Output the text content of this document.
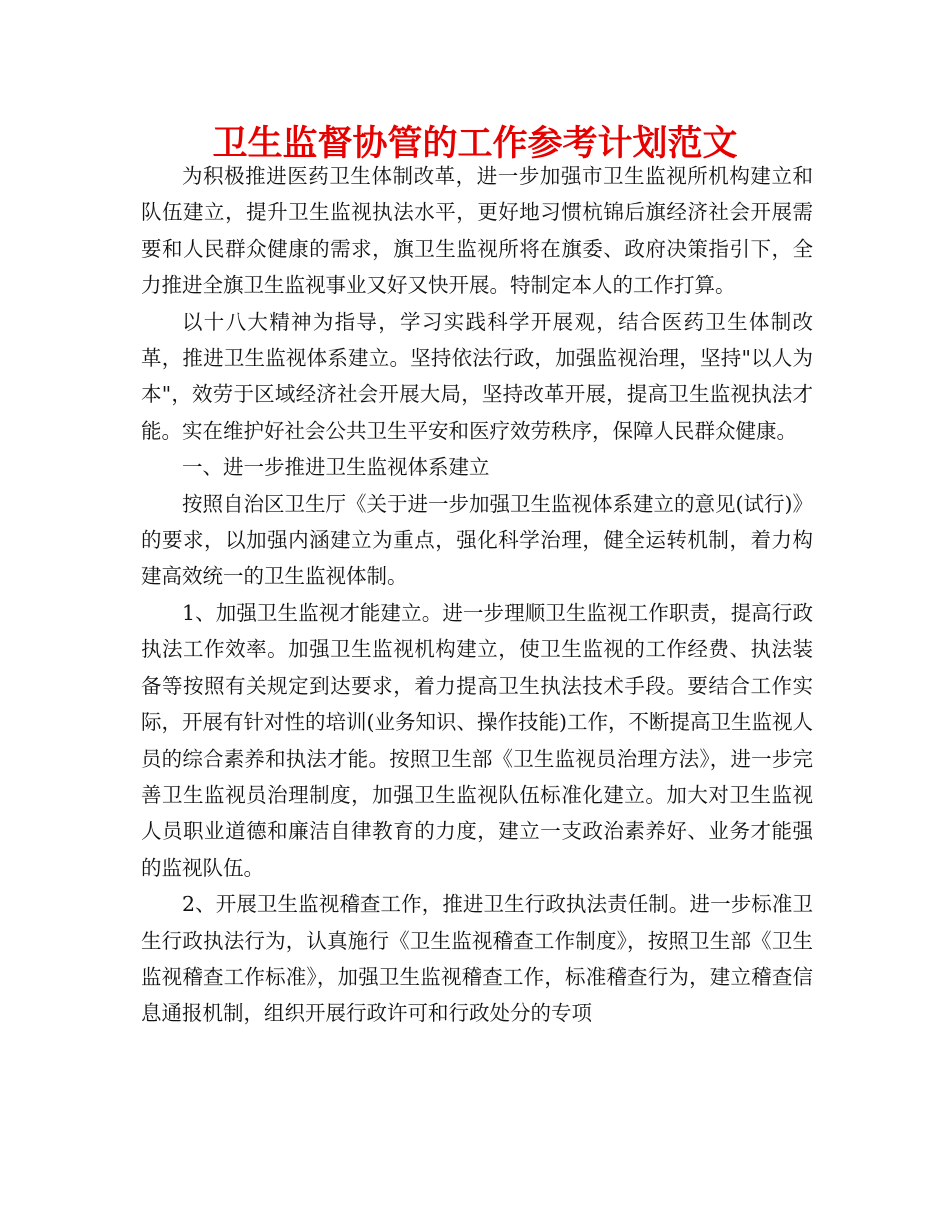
卫生监督协管的工作参考计划范文

为积极推进医药卫生体制改革，进一步加强市卫生监视所机构建立和队伍建立，提升卫生监视执法水平，更好地习惯杭锦后旗经济社会开展需要和人民群众健康的需求，旗卫生监视所将在旗委、政府决策指引下，全力推进全旗卫生监视事业又好又快开展。特制定本人的工作打算。

以十八大精神为指导，学习实践科学开展观，结合医药卫生体制改革，推进卫生监视体系建立。坚持依法行政，加强监视治理，坚持"以人为本"，效劳于区域经济社会开展大局，坚持改革开展，提高卫生监视执法才能。实在维护好社会公共卫生平安和医疗效劳秩序，保障人民群众健康。

一、进一步推进卫生监视体系建立

按照自治区卫生厅《关于进一步加强卫生监视体系建立的意见(试行)》的要求，以加强内涵建立为重点，强化科学治理，健全运转机制，着力构建高效统一的卫生监视体制。

1、加强卫生监视才能建立。进一步理顺卫生监视工作职责，提高行政执法工作效率。加强卫生监视机构建立，使卫生监视的工作经费、执法装备等按照有关规定到达要求，着力提高卫生执法技术手段。要结合工作实际，开展有针对性的培训(业务知识、操作技能)工作，不断提高卫生监视人员的综合素养和执法才能。按照卫生部《卫生监视员治理方法》，进一步完善卫生监视员治理制度，加强卫生监视队伍标准化建立。加大对卫生监视人员职业道德和廉洁自律教育的力度，建立一支政治素养好、业务才能强的监视队伍。

2、开展卫生监视稽查工作，推进卫生行政执法责任制。进一步标准卫生行政执法行为，认真施行《卫生监视稽查工作制度》，按照卫生部《卫生监视稽查工作标准》，加强卫生监视稽查工作，标准稽查行为，建立稽查信息通报机制，组织开展行政许可和行政处分的专项
